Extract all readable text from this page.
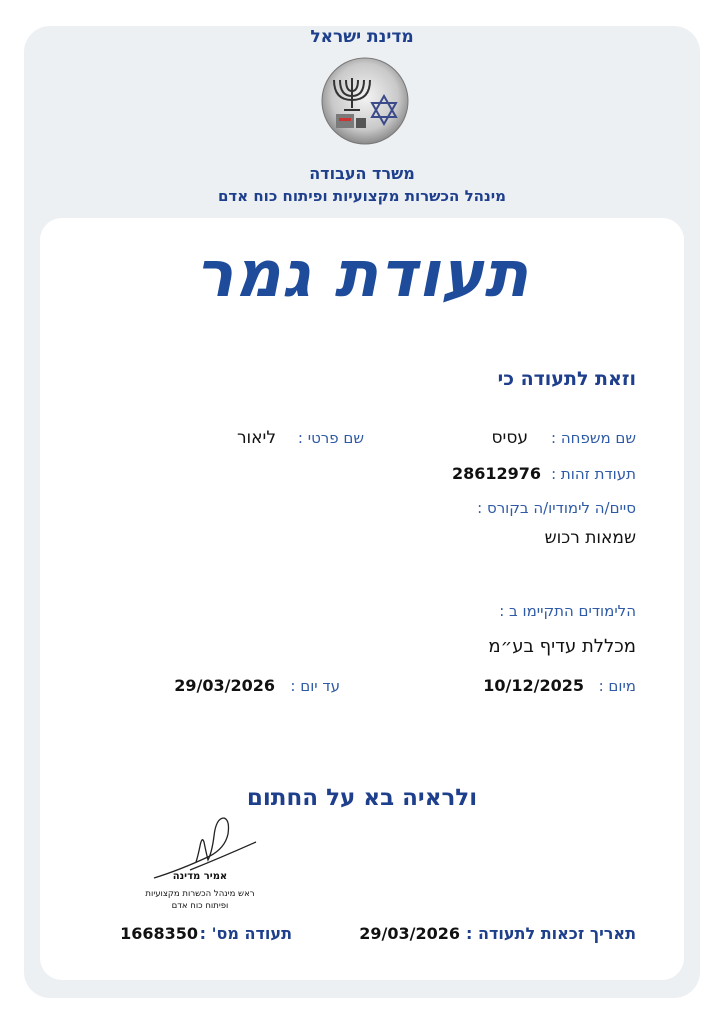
מדינת ישראל
משרד העבודה
מינהל הכשרות מקצועיות ופיתוח כוח אדם
תעודת גמר
וזאת לתעודה כי
שם משפחה :
עסיס
שם פרטי :
ליאור
תעודת זהות :
28612976
סיים/ה לימודיו/ה בקורס :
שמאות רכוש
הלימודים התקיימו ב :
מכללת עדיף בע״מ
מיום :
10/12/2025
עד יום :
29/03/2026
ולראיה בא על החתום
אמיר מדינה
ראש מינהל הכשרות מקצועיות
ופיתוח כוח אדם
תאריך זכאות לתעודה :
29/03/2026
תעודה מס' :
1668350
